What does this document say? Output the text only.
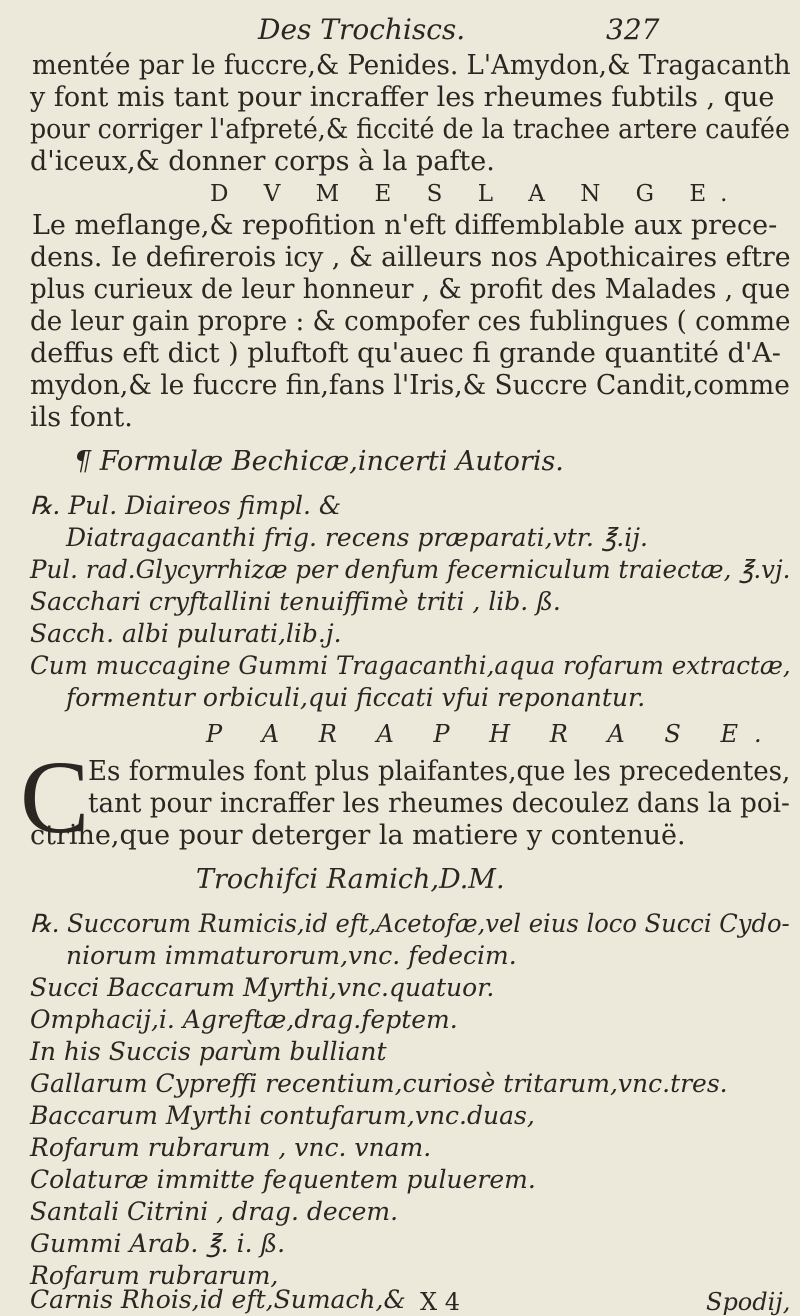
Des Trochiscs.	327
mentée par le fuccre,& Penides. L'Amydon,& Tragacanth
y font mis tant pour incraffer les rheumes fubtils , que
pour corriger l'afpreté,& ficcité de la trachee artere caufée
d'iceux,& donner corps à la pafte.
D V M E S L A N G E.
Le meflange,& repofition n'eft diffemblable aux prece-
dens. Ie defirerois icy , & ailleurs nos Apothicaires eftre
plus curieux de leur honneur , & profit des Malades , que
de leur gain propre : & compofer ces fublingues ( comme
deffus eft dict ) pluftoft qu'auec fi grande quantité d'A-
mydon,& le fuccre fin,fans l'Iris,& Succre Candit,comme
ils font.
¶ Formulæ Bechicæ,incerti Autoris.
℞. Pul. Diaireos fimpl. &
Diatragacanthi frig. recens præparati,vtr. ℥.ij.
Pul. rad.Glycyrrhizæ per denfum fecerniculum traiectæ, ℥.vj.
Sacchari cryftallini tenuiffimè triti , lib. ß.
Sacch. albi pulurati,lib.j.
Cum muccagine Gummi Tragacanthi,aqua rofarum extractæ,
formentur orbiculi,qui ficcati vfui reponantur.
P A R A P H R A S E.
C
Es formules font plus plaifantes,que les precedentes,
tant pour incraffer les rheumes decoulez dans la poi-
ctrine,que pour deterger la matiere y contenuë.
Trochifci Ramich,D.M.
℞. Succorum Rumicis,id eft,Acetofæ,vel eius loco Succi Cydo-
niorum immaturorum,vnc. fedecim.
Succi Baccarum Myrthi,vnc.quatuor.
Omphacij,i. Agreftæ,drag.feptem.
In his Succis parùm bulliant
Gallarum Cypreffi recentium,curiosè tritarum,vnc.tres.
Baccarum Myrthi contufarum,vnc.duas,
Rofarum rubrarum , vnc. vnam.
Colaturæ immitte fequentem puluerem.
Santali Citrini , drag. decem.
Gummi Arab. ℥. i. ß.
Rofarum rubrarum,
Carnis Rhois,id eft,Sumach,& X 4	Spodij,
